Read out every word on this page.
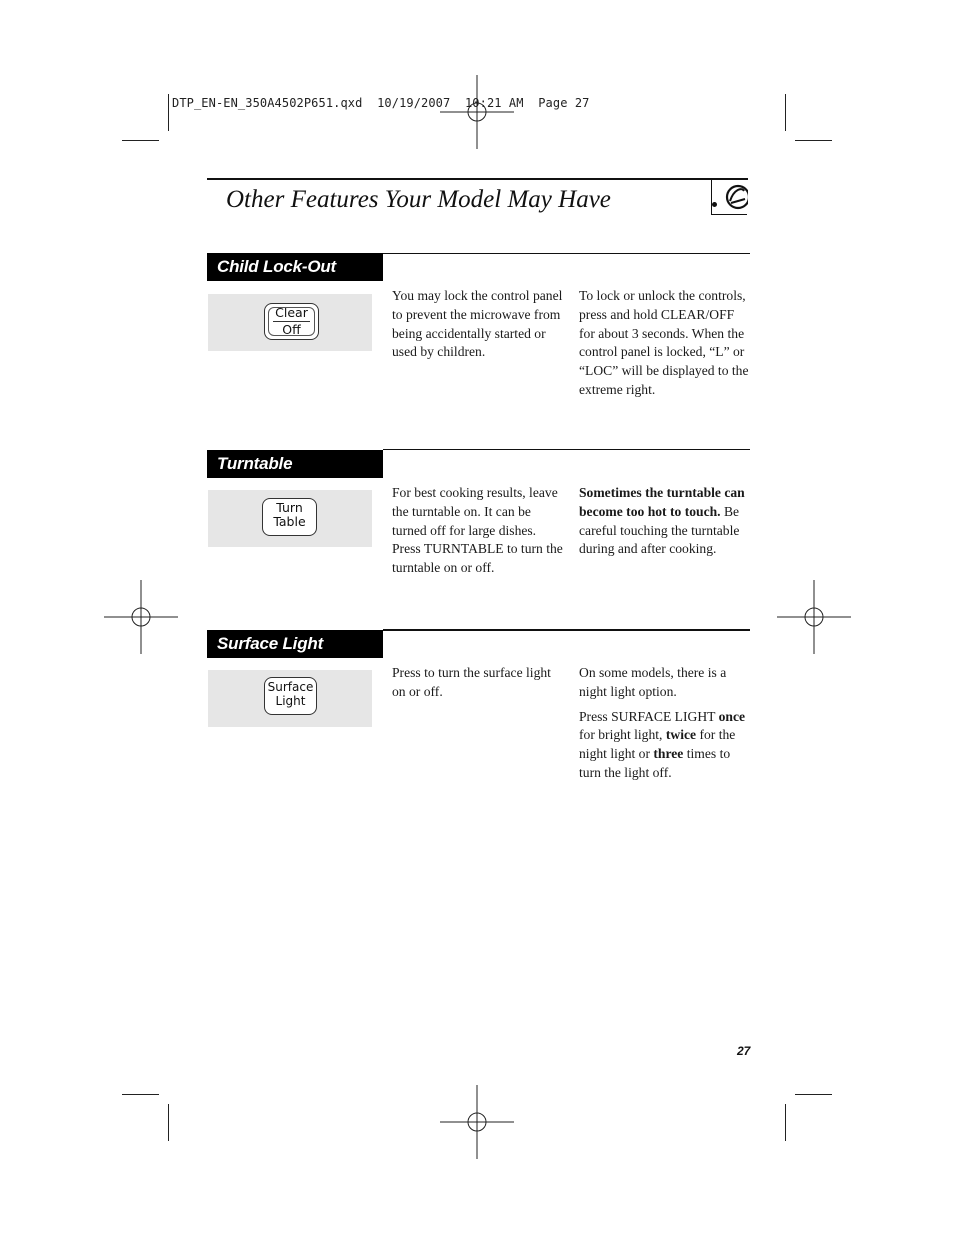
DTP_EN-EN_350A4502P651.qxd  10/19/2007  10:21 AM  Page 27
Other Features Your Model May Have
Child Lock-Out
Clear
Off

You may lock the control panel to prevent the microwave from being accidentally started or used by children.

To lock or unlock the controls, press and hold CLEAR/OFF for about 3 seconds. When the control panel is locked, “L” or “LOC” will be displayed to the extreme right.

Turntable
Turn
Table

For best cooking results, leave the turntable on. It can be turned off for large dishes. Press TURNTABLE to turn the turntable on or off.

Sometimes the turntable can become too hot to touch. Be careful touching the turntable during and after cooking.

Surface Light
Surface
Light

Press to turn the surface light on or off.

On some models, there is a night light option.

Press SURFACE LIGHT once for bright light, twice for the night light or three times to turn the light off.

27
